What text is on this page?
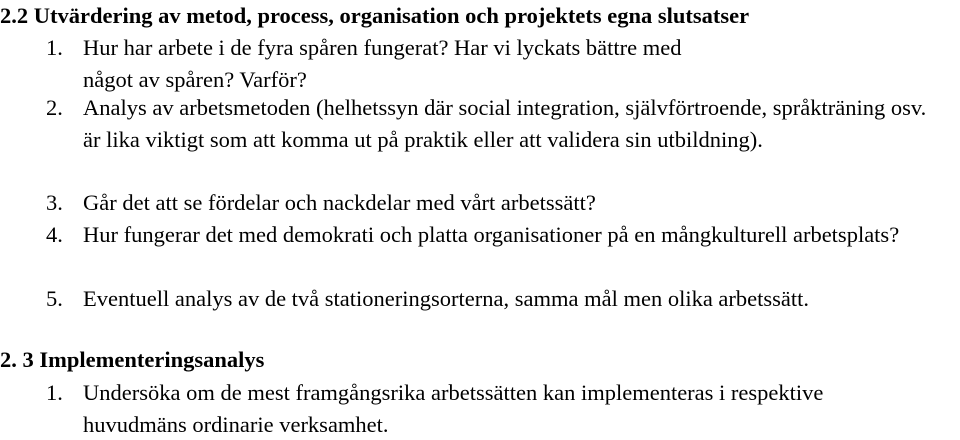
2.2 Utvärdering av metod, process, organisation och projektets egna slutsatser
1. Hur har arbete i de fyra spåren fungerat? Har vi lyckats bättre med något av spåren? Varför?
2. Analys av arbetsmetoden (helhetssyn där social integration, självförtroende, språkträning osv. är lika viktigt som att komma ut på praktik eller att validera sin utbildning).
3. Går det att se fördelar och nackdelar med vårt arbetssätt?
4. Hur fungerar det med demokrati och platta organisationer på en mångkulturell arbetsplats?
5. Eventuell analys av de två stationeringsorterna, samma mål men olika arbetssätt.
2. 3 Implementeringsanalys
1. Undersöka om de mest framgångsrika arbetssätten kan implementeras i respektive huvudmäns ordinarie verksamhet.
